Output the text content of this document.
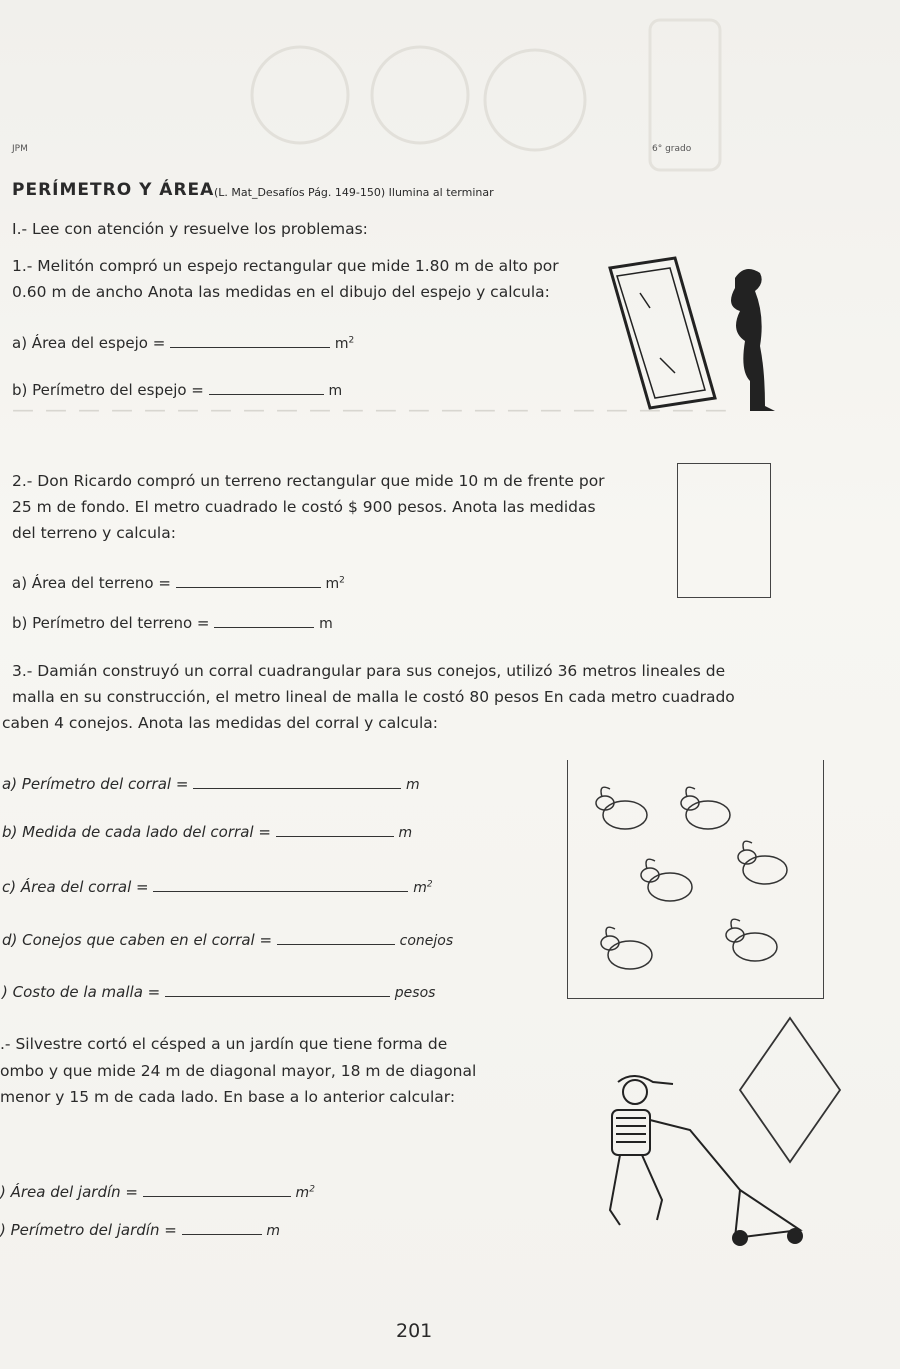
JPM	6° grado
PERÍMETRO Y ÁREA (L. Mat_Desafíos Pág. 149-150) Ilumina al terminar
I.- Lee con atención y resuelve los problemas:
1.- Melitón compró un espejo rectangular que mide 1.80 m de alto por
0.60 m de ancho Anota las medidas en el dibujo del espejo y calcula:
a) Área del espejo =	$m^2$
b) Perímetro del espejo =	m
— — — — — — — — — — — — — — — — — — — — — —
2.- Don Ricardo compró un terreno rectangular que mide 10 m de frente por
25 m de fondo. El metro cuadrado le costó $ 900 pesos. Anota las medidas
del terreno y calcula:
a) Área del terreno =	$m^2$
b) Perímetro del terreno =	m
3.- Damián construyó un corral cuadrangular para sus conejos, utilizó 36 metros lineales de
malla en su construcción, el metro lineal de malla le costó 80 pesos En cada metro cuadrado
caben 4 conejos. Anota las medidas del corral y calcula:
a) Perímetro del corral =	m
b) Medida de cada lado del corral =	m
c) Área del corral =	$m^2$
d) Conejos que caben en el corral =	conejos
) Costo de la malla =	pesos
.- Silvestre cortó el césped a un jardín que tiene forma de
ombo y que mide 24 m de diagonal mayor, 18 m de diagonal
menor y 15 m de cada lado. En base a lo anterior calcular:
) Área del jardín =	$m^2$
) Perímetro del jardín =	m
201
